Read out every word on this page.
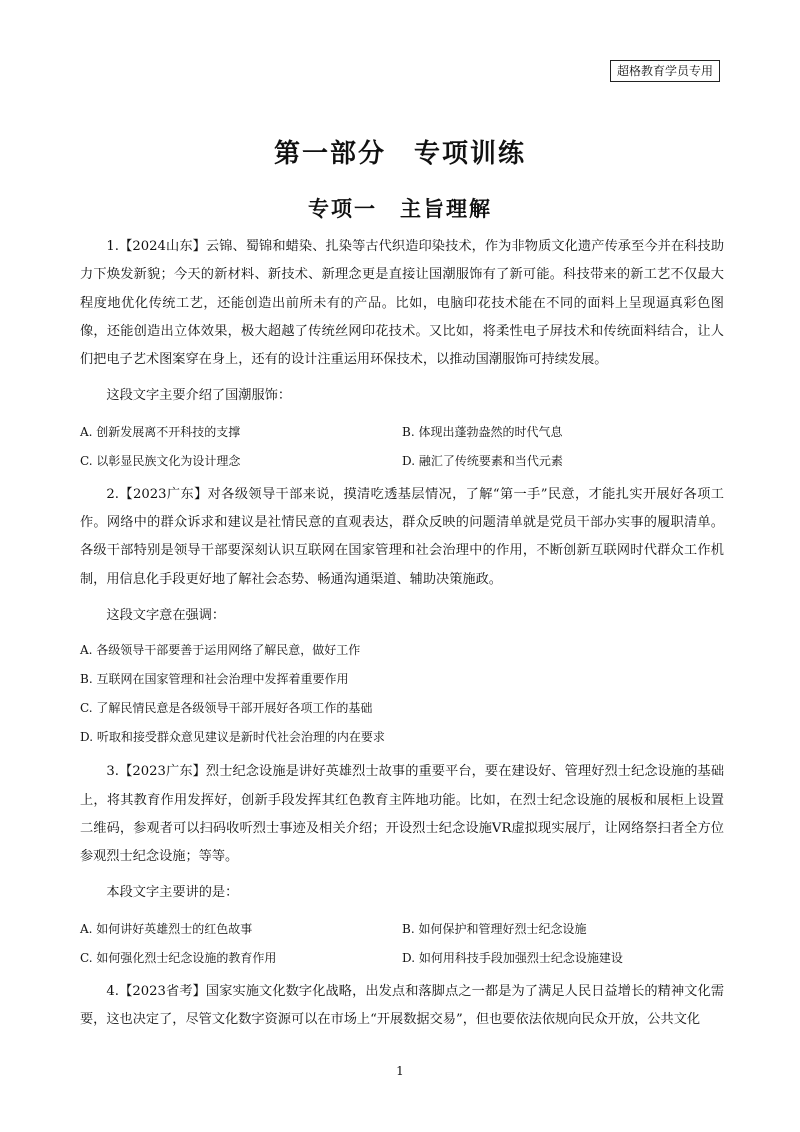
超格教育学员专用
第一部分　专项训练
专项一　主旨理解

1.【2024山东】云锦、蜀锦和蜡染、扎染等古代织造印染技术，作为非物质文化遗产传承至今并在科技助力下焕发新貌；今天的新材料、新技术、新理念更是直接让国潮服饰有了新可能。科技带来的新工艺不仅最大程度地优化传统工艺，还能创造出前所未有的产品。比如，电脑印花技术能在不同的面料上呈现逼真彩色图像，还能创造出立体效果，极大超越了传统丝网印花技术。又比如，将柔性电子屏技术和传统面料结合，让人们把电子艺术图案穿在身上，还有的设计注重运用环保技术，以推动国潮服饰可持续发展。

这段文字主要介绍了国潮服饰：

A. 创新发展离不开科技的支撑	B. 体现出蓬勃盎然的时代气息
C. 以彰显民族文化为设计理念	D. 融汇了传统要素和当代元素

2.【2023广东】对各级领导干部来说，摸清吃透基层情况，了解“第一手”民意，才能扎实开展好各项工作。网络中的群众诉求和建议是社情民意的直观表达，群众反映的问题清单就是党员干部办实事的履职清单。各级干部特别是领导干部要深刻认识互联网在国家管理和社会治理中的作用，不断创新互联网时代群众工作机制，用信息化手段更好地了解社会态势、畅通沟通渠道、辅助决策施政。

这段文字意在强调：

A. 各级领导干部要善于运用网络了解民意，做好工作
B. 互联网在国家管理和社会治理中发挥着重要作用
C. 了解民情民意是各级领导干部开展好各项工作的基础
D. 听取和接受群众意见建议是新时代社会治理的内在要求

3.【2023广东】烈士纪念设施是讲好英雄烈士故事的重要平台，要在建设好、管理好烈士纪念设施的基础上，将其教育作用发挥好，创新手段发挥其红色教育主阵地功能。比如，在烈士纪念设施的展板和展柜上设置二维码，参观者可以扫码收听烈士事迹及相关介绍；开设烈士纪念设施VR虚拟现实展厅，让网络祭扫者全方位参观烈士纪念设施；等等。

本段文字主要讲的是：

A. 如何讲好英雄烈士的红色故事	B. 如何保护和管理好烈士纪念设施
C. 如何强化烈士纪念设施的教育作用	D. 如何用科技手段加强烈士纪念设施建设

4.【2023省考】国家实施文化数字化战略，出发点和落脚点之一都是为了满足人民日益增长的精神文化需要，这也决定了，尽管文化数字资源可以在市场上“开展数据交易”，但也要依法依规向民众开放，公共文化

1
